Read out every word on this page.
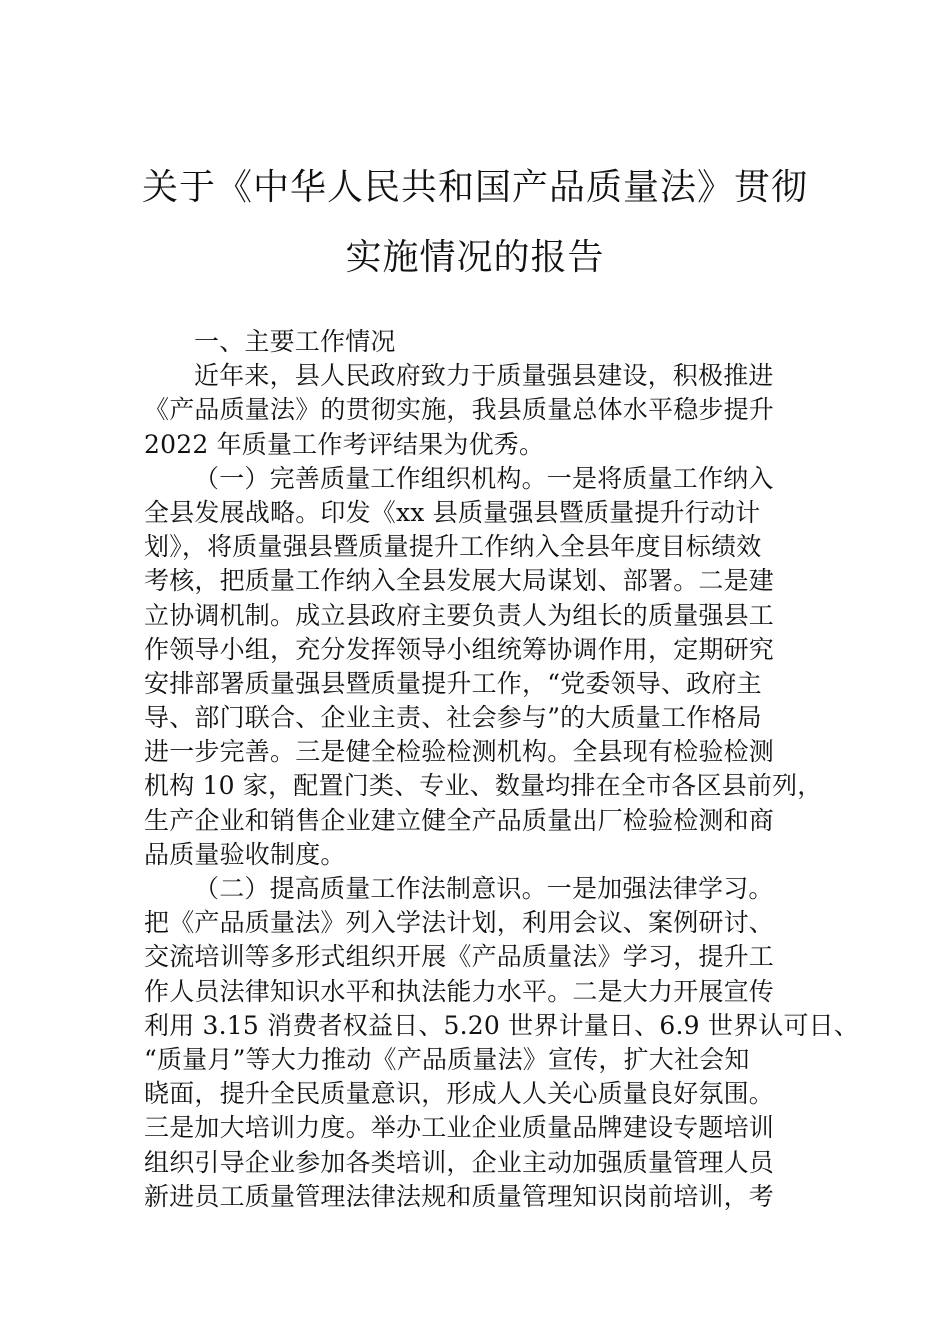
关于《中华人民共和国产品质量法》贯彻
实施情况的报告
一、主要工作情况
近年来，县人民政府致力于质量强县建设，积极推进
《产品质量法》的贯彻实施，我县质量总体水平稳步提升
2022 年质量工作考评结果为优秀。
（一）完善质量工作组织机构。一是将质量工作纳入
全县发展战略。印发《xx 县质量强县暨质量提升行动计
划》，将质量强县暨质量提升工作纳入全县年度目标绩效
考核，把质量工作纳入全县发展大局谋划、部署。二是建
立协调机制。成立县政府主要负责人为组长的质量强县工
作领导小组，充分发挥领导小组统筹协调作用，定期研究
安排部署质量强县暨质量提升工作，“党委领导、政府主
导、部门联合、企业主责、社会参与”的大质量工作格局
进一步完善。三是健全检验检测机构。全县现有检验检测
机构 10 家，配置门类、专业、数量均排在全市各区县前列，
生产企业和销售企业建立健全产品质量出厂检验检测和商
品质量验收制度。
（二）提高质量工作法制意识。一是加强法律学习。
把《产品质量法》列入学法计划，利用会议、案例研讨、
交流培训等多形式组织开展《产品质量法》学习，提升工
作人员法律知识水平和执法能力水平。二是大力开展宣传
利用 3.15 消费者权益日、5.20 世界计量日、6.9 世界认可日、
“质量月”等大力推动《产品质量法》宣传，扩大社会知
晓面，提升全民质量意识，形成人人关心质量良好氛围。
三是加大培训力度。举办工业企业质量品牌建设专题培训
组织引导企业参加各类培训，企业主动加强质量管理人员
新进员工质量管理法律法规和质量管理知识岗前培训，考
